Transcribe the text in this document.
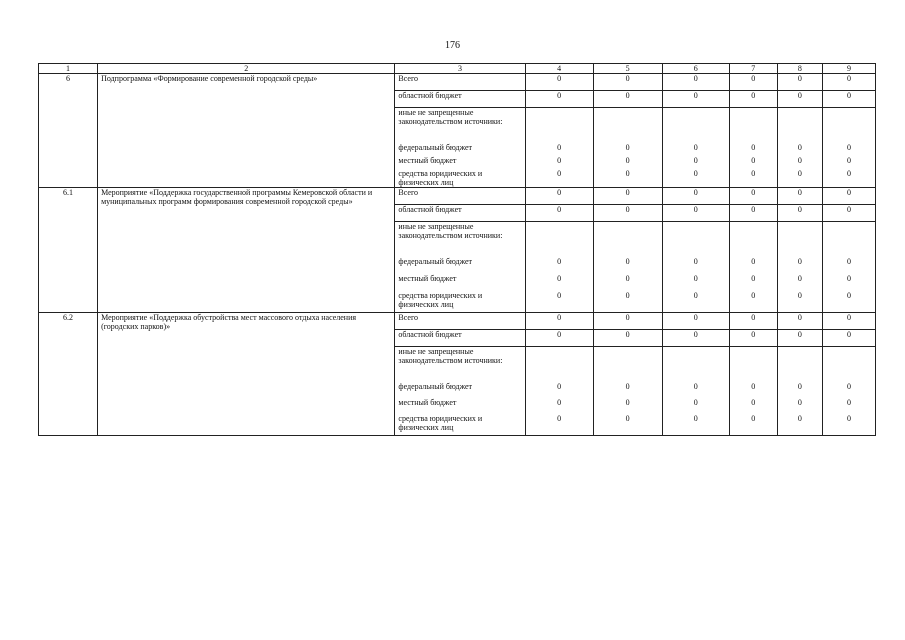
176
1	2	3	4	5	6	7	8	9
6	Подпрограмма «Формирование современной городской среды»	Всего	0	0	0	0	0	0
		областной бюджет	0	0	0	0	0	0
		иные не запрещенные законодательством источники:						
		федеральный бюджет	0	0	0	0	0	0
		местный бюджет	0	0	0	0	0	0
		средства юридических и физических лиц	0	0	0	0	0	0
6.1	Мероприятие «Поддержка государственной программы Кемеровской области и муниципальных программ формирования современной городской среды»	Всего	0	0	0	0	0	0
		областной бюджет	0	0	0	0	0	0
		иные не запрещенные законодательством источники:						
		федеральный бюджет	0	0	0	0	0	0
		местный бюджет	0	0	0	0	0	0
		средства юридических и физических лиц	0	0	0	0	0	0
6.2	Мероприятие «Поддержка обустройства мест массового отдыха населения (городских парков)»	Всего	0	0	0	0	0	0
		областной бюджет	0	0	0	0	0	0
		иные не запрещенные законодательством источники:						
		федеральный бюджет	0	0	0	0	0	0
		местный бюджет	0	0	0	0	0	0
		средства юридических и физических лиц	0	0	0	0	0	0
